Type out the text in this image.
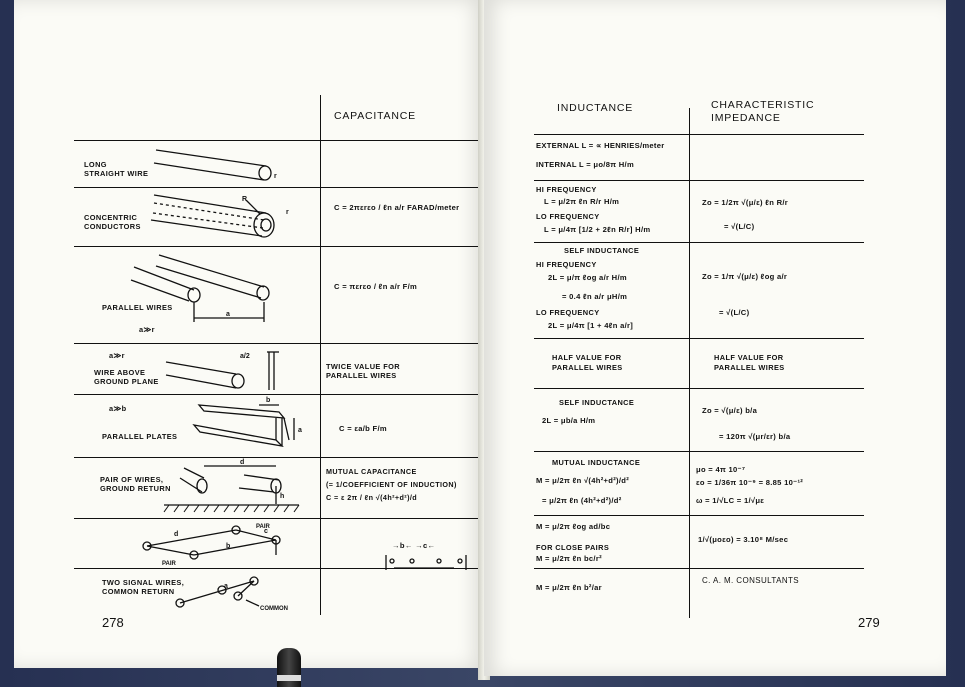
CAPACITANCE
LONG
STRAIGHT WIRE
CONCENTRIC
CONDUCTORS
PARALLEL WIRES
a≫r
a≫r
WIRE ABOVE
GROUND PLANE
a≫b
PARALLEL PLATES
PAIR OF WIRES,
GROUND RETURN
TWO SIGNAL WIRES,
COMMON RETURN
C = 2πεrεo / ℓn a/r FARAD/meter
C = πεrεo / ℓn a/r F/m
TWICE VALUE FOR
PARALLEL WIRES
C = εa/b F/m
MUTUAL CAPACITANCE
(= 1/COEFFICIENT OF INDUCTION)
C = ε 2π / ℓn √(4h²+d²)/d
→b← →c←
278
r
R
r
a
a/2
b
a
d
h
d
b
c
PAIR
PAIR
a
COMMON
INDUCTANCE	CHARACTERISTIC
IMPEDANCE
EXTERNAL L = ∝ HENRIES/meter
INTERNAL L = μo/8π H/m
HI FREQUENCY
L = μ/2π ℓn R/r H/m
LO FREQUENCY
L = μ/4π [1/2 + 2ℓn R/r] H/m
Zo = 1/2π √(μ/ε) ℓn R/r
= √(L/C)
SELF INDUCTANCE
HI FREQUENCY
2L = μ/π ℓog a/r H/m
= 0.4 ℓn a/r μH/m
LO FREQUENCY
2L = μ/4π [1 + 4ℓn a/r]
Zo = 1/π √(μ/ε) ℓog a/r
= √(L/C)
HALF VALUE FOR
PARALLEL WIRES
HALF VALUE FOR
PARALLEL WIRES
SELF INDUCTANCE
2L = μb/a H/m
Zo = √(μ/ε) b/a
= 120π √(μr/εr) b/a
MUTUAL INDUCTANCE
M = μ/2π ℓn √(4h²+d²)/d²
= μ/2π ℓn (4h²+d²)/d²
μo = 4π 10⁻⁷
εo = 1/36π 10⁻⁹ = 8.85 10⁻¹²
ω = 1/√LC = 1/√με
M = μ/2π ℓog ad/bc
FOR CLOSE PAIRS
M = μ/2π ℓn bc/r²
1/√(μoεo) = 3.10⁸ M/sec
M = μ/2π ℓn b²/ar
C. A. M. CONSULTANTS
279
